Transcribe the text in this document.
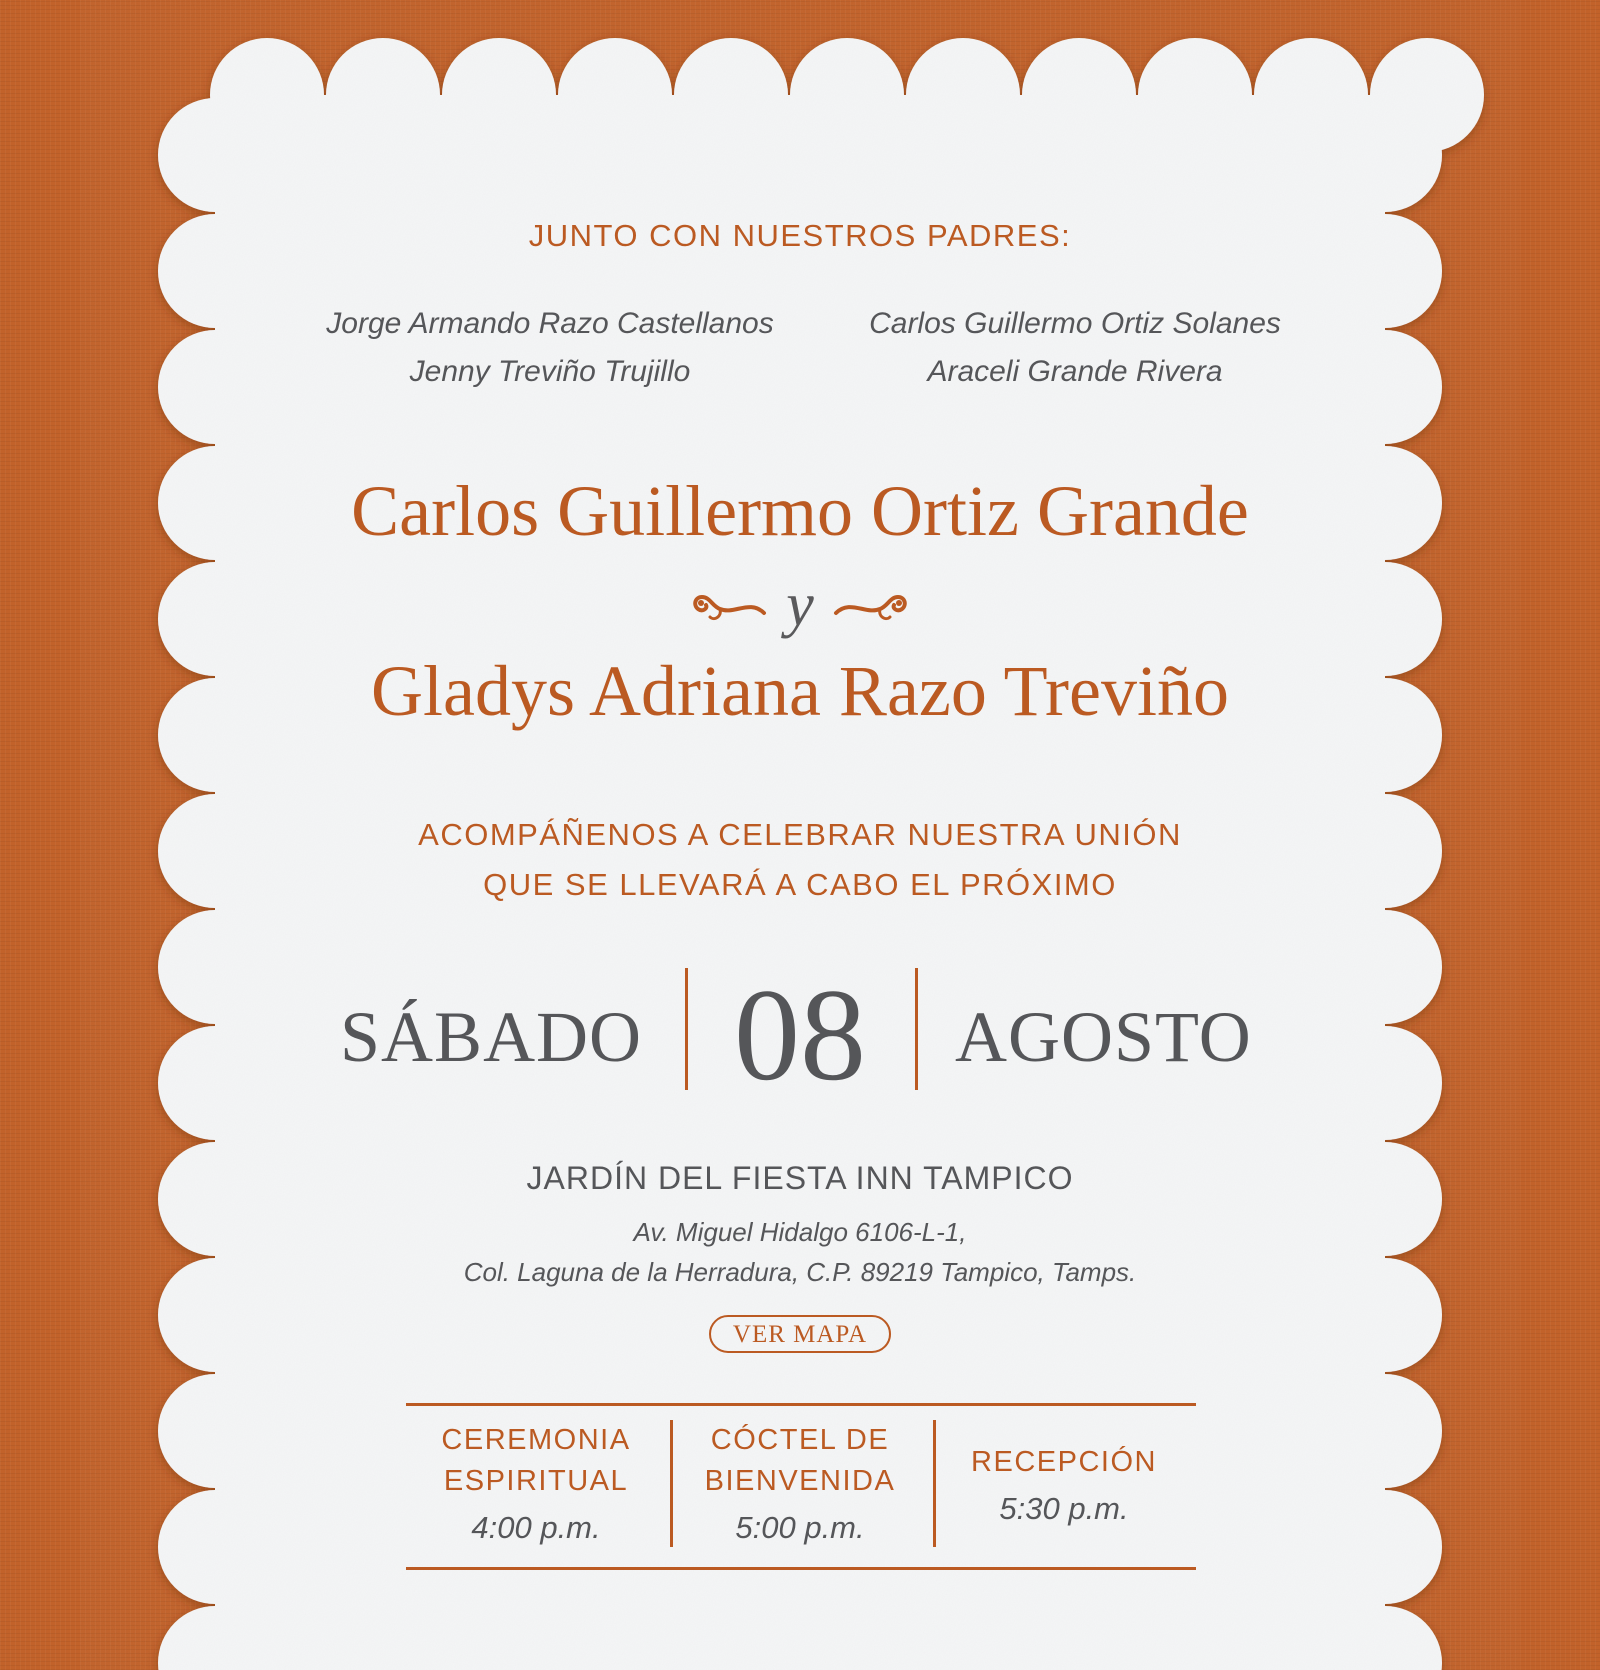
JUNTO CON NUESTROS PADRES:
Jorge Armando Razo Castellanos
Jenny Treviño Trujillo
Carlos Guillermo Ortiz Solanes
Araceli Grande Rivera
Carlos Guillermo Ortiz Grande
y
Gladys Adriana Razo Treviño
ACOMPÁÑENOS A CELEBRAR NUESTRA UNIÓN
QUE SE LLEVARÁ A CABO EL PRÓXIMO
SÁBADO 08 AGOSTO
JARDÍN DEL FIESTA INN TAMPICO
Av. Miguel Hidalgo 6106-L-1,
Col. Laguna de la Herradura, C.P. 89219 Tampico, Tamps.
VER MAPA
CEREMONIA
ESPIRITUAL
4:00 p.m.
CÓCTEL DE
BIENVENIDA
5:00 p.m.
RECEPCIÓN
5:30 p.m.
